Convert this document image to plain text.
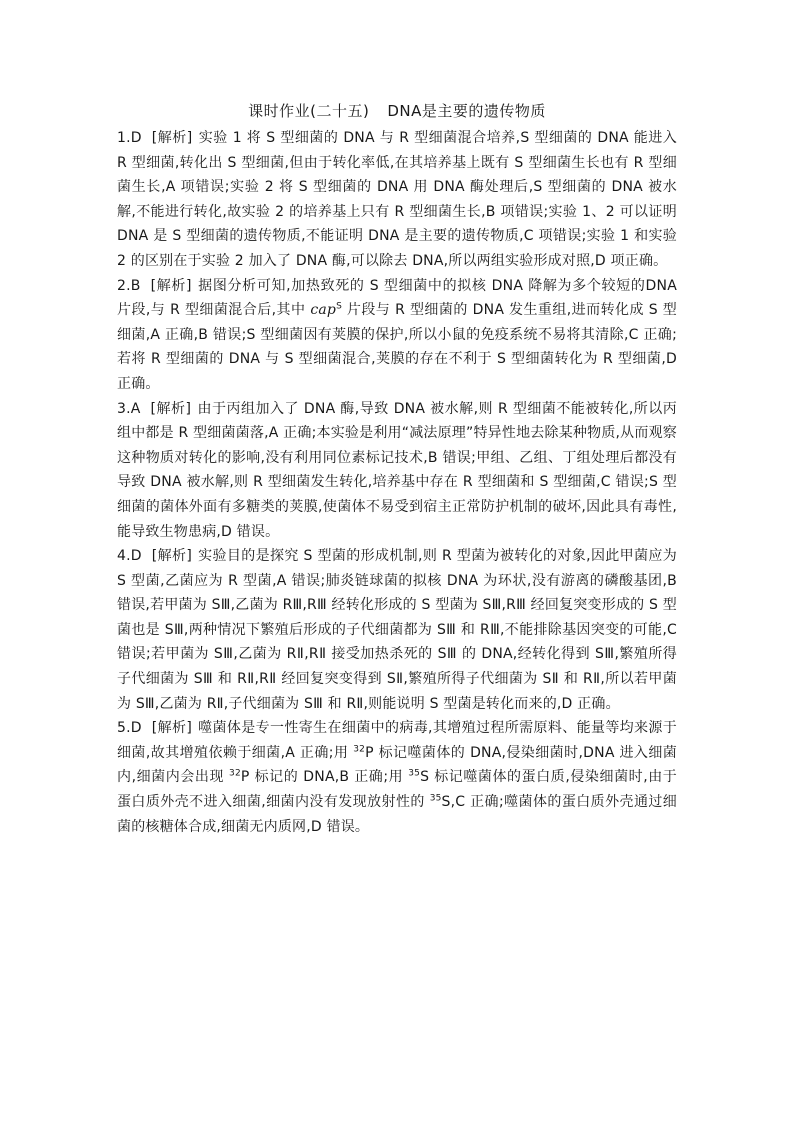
课时作业(二十五) DNA是主要的遗传物质

1.D [解析] 实验 1 将 S 型细菌的 DNA 与 R 型细菌混合培养,S 型细菌的 DNA 能进入 R 型细菌,转化出 S 型细菌,但由于转化率低,在其培养基上既有 S 型细菌生长也有 R 型细菌生长,A 项错误;实验 2 将 S 型细菌的 DNA 用 DNA 酶处理后,S 型细菌的 DNA 被水解,不能进行转化,故实验 2 的培养基上只有 R 型细菌生长,B 项错误;实验 1、2 可以证明 DNA 是 S 型细菌的遗传物质,不能证明 DNA 是主要的遗传物质,C 项错误;实验 1 和实验 2 的区别在于实验 2 加入了 DNA 酶,可以除去 DNA,所以两组实验形成对照,D 项正确。

2.B [解析] 据图分析可知,加热致死的 S 型细菌中的拟核 DNA 降解为多个较短的DNA 片段,与 R 型细菌混合后,其中 cap$^S$ 片段与 R 型细菌的 DNA 发生重组,进而转化成 S 型细菌,A 正确,B 错误;S 型细菌因有荚膜的保护,所以小鼠的免疫系统不易将其清除,C 正确;若将 R 型细菌的 DNA 与 S 型细菌混合,荚膜的存在不利于 S 型细菌转化为 R 型细菌,D 正确。

3.A [解析] 由于丙组加入了 DNA 酶,导致 DNA 被水解,则 R 型细菌不能被转化,所以丙组中都是 R 型细菌菌落,A 正确;本实验是利用“减法原理”特异性地去除某种物质,从而观察这种物质对转化的影响,没有利用同位素标记技术,B 错误;甲组、乙组、丁组处理后都没有导致 DNA 被水解,则 R 型细菌发生转化,培养基中存在 R 型细菌和 S 型细菌,C 错误;S 型细菌的菌体外面有多糖类的荚膜,使菌体不易受到宿主正常防护机制的破坏,因此具有毒性,能导致生物患病,D 错误。

4.D [解析] 实验目的是探究 S 型菌的形成机制,则 R 型菌为被转化的对象,因此甲菌应为 S 型菌,乙菌应为 R 型菌,A 错误;肺炎链球菌的拟核 DNA 为环状,没有游离的磷酸基团,B 错误,若甲菌为 SⅢ,乙菌为 RⅢ,RⅢ 经转化形成的 S 型菌为 SⅢ,RⅢ 经回复突变形成的 S 型菌也是 SⅢ,两种情况下繁殖后形成的子代细菌都为 SⅢ 和 RⅢ,不能排除基因突变的可能,C 错误;若甲菌为 SⅢ,乙菌为 RⅡ,RⅡ 接受加热杀死的 SⅢ 的 DNA,经转化得到 SⅢ,繁殖所得子代细菌为 SⅢ 和 RⅡ,RⅡ 经回复突变得到 SⅡ,繁殖所得子代细菌为 SⅡ 和 RⅡ,所以若甲菌为 SⅢ,乙菌为 RⅡ,子代细菌为 SⅢ 和 RⅡ,则能说明 S 型菌是转化而来的,D 正确。

5.D [解析] 噬菌体是专一性寄生在细菌中的病毒,其增殖过程所需原料、能量等均来源于细菌,故其增殖依赖于细菌,A 正确;用 $^{32}$P 标记噬菌体的 DNA,侵染细菌时,DNA 进入细菌内,细菌内会出现 $^{32}$P 标记的 DNA,B 正确;用 $^{35}$S 标记噬菌体的蛋白质,侵染细菌时,由于蛋白质外壳不进入细菌,细菌内没有发现放射性的 $^{35}$S,C 正确;噬菌体的蛋白质外壳通过细菌的核糖体合成,细菌无内质网,D 错误。
